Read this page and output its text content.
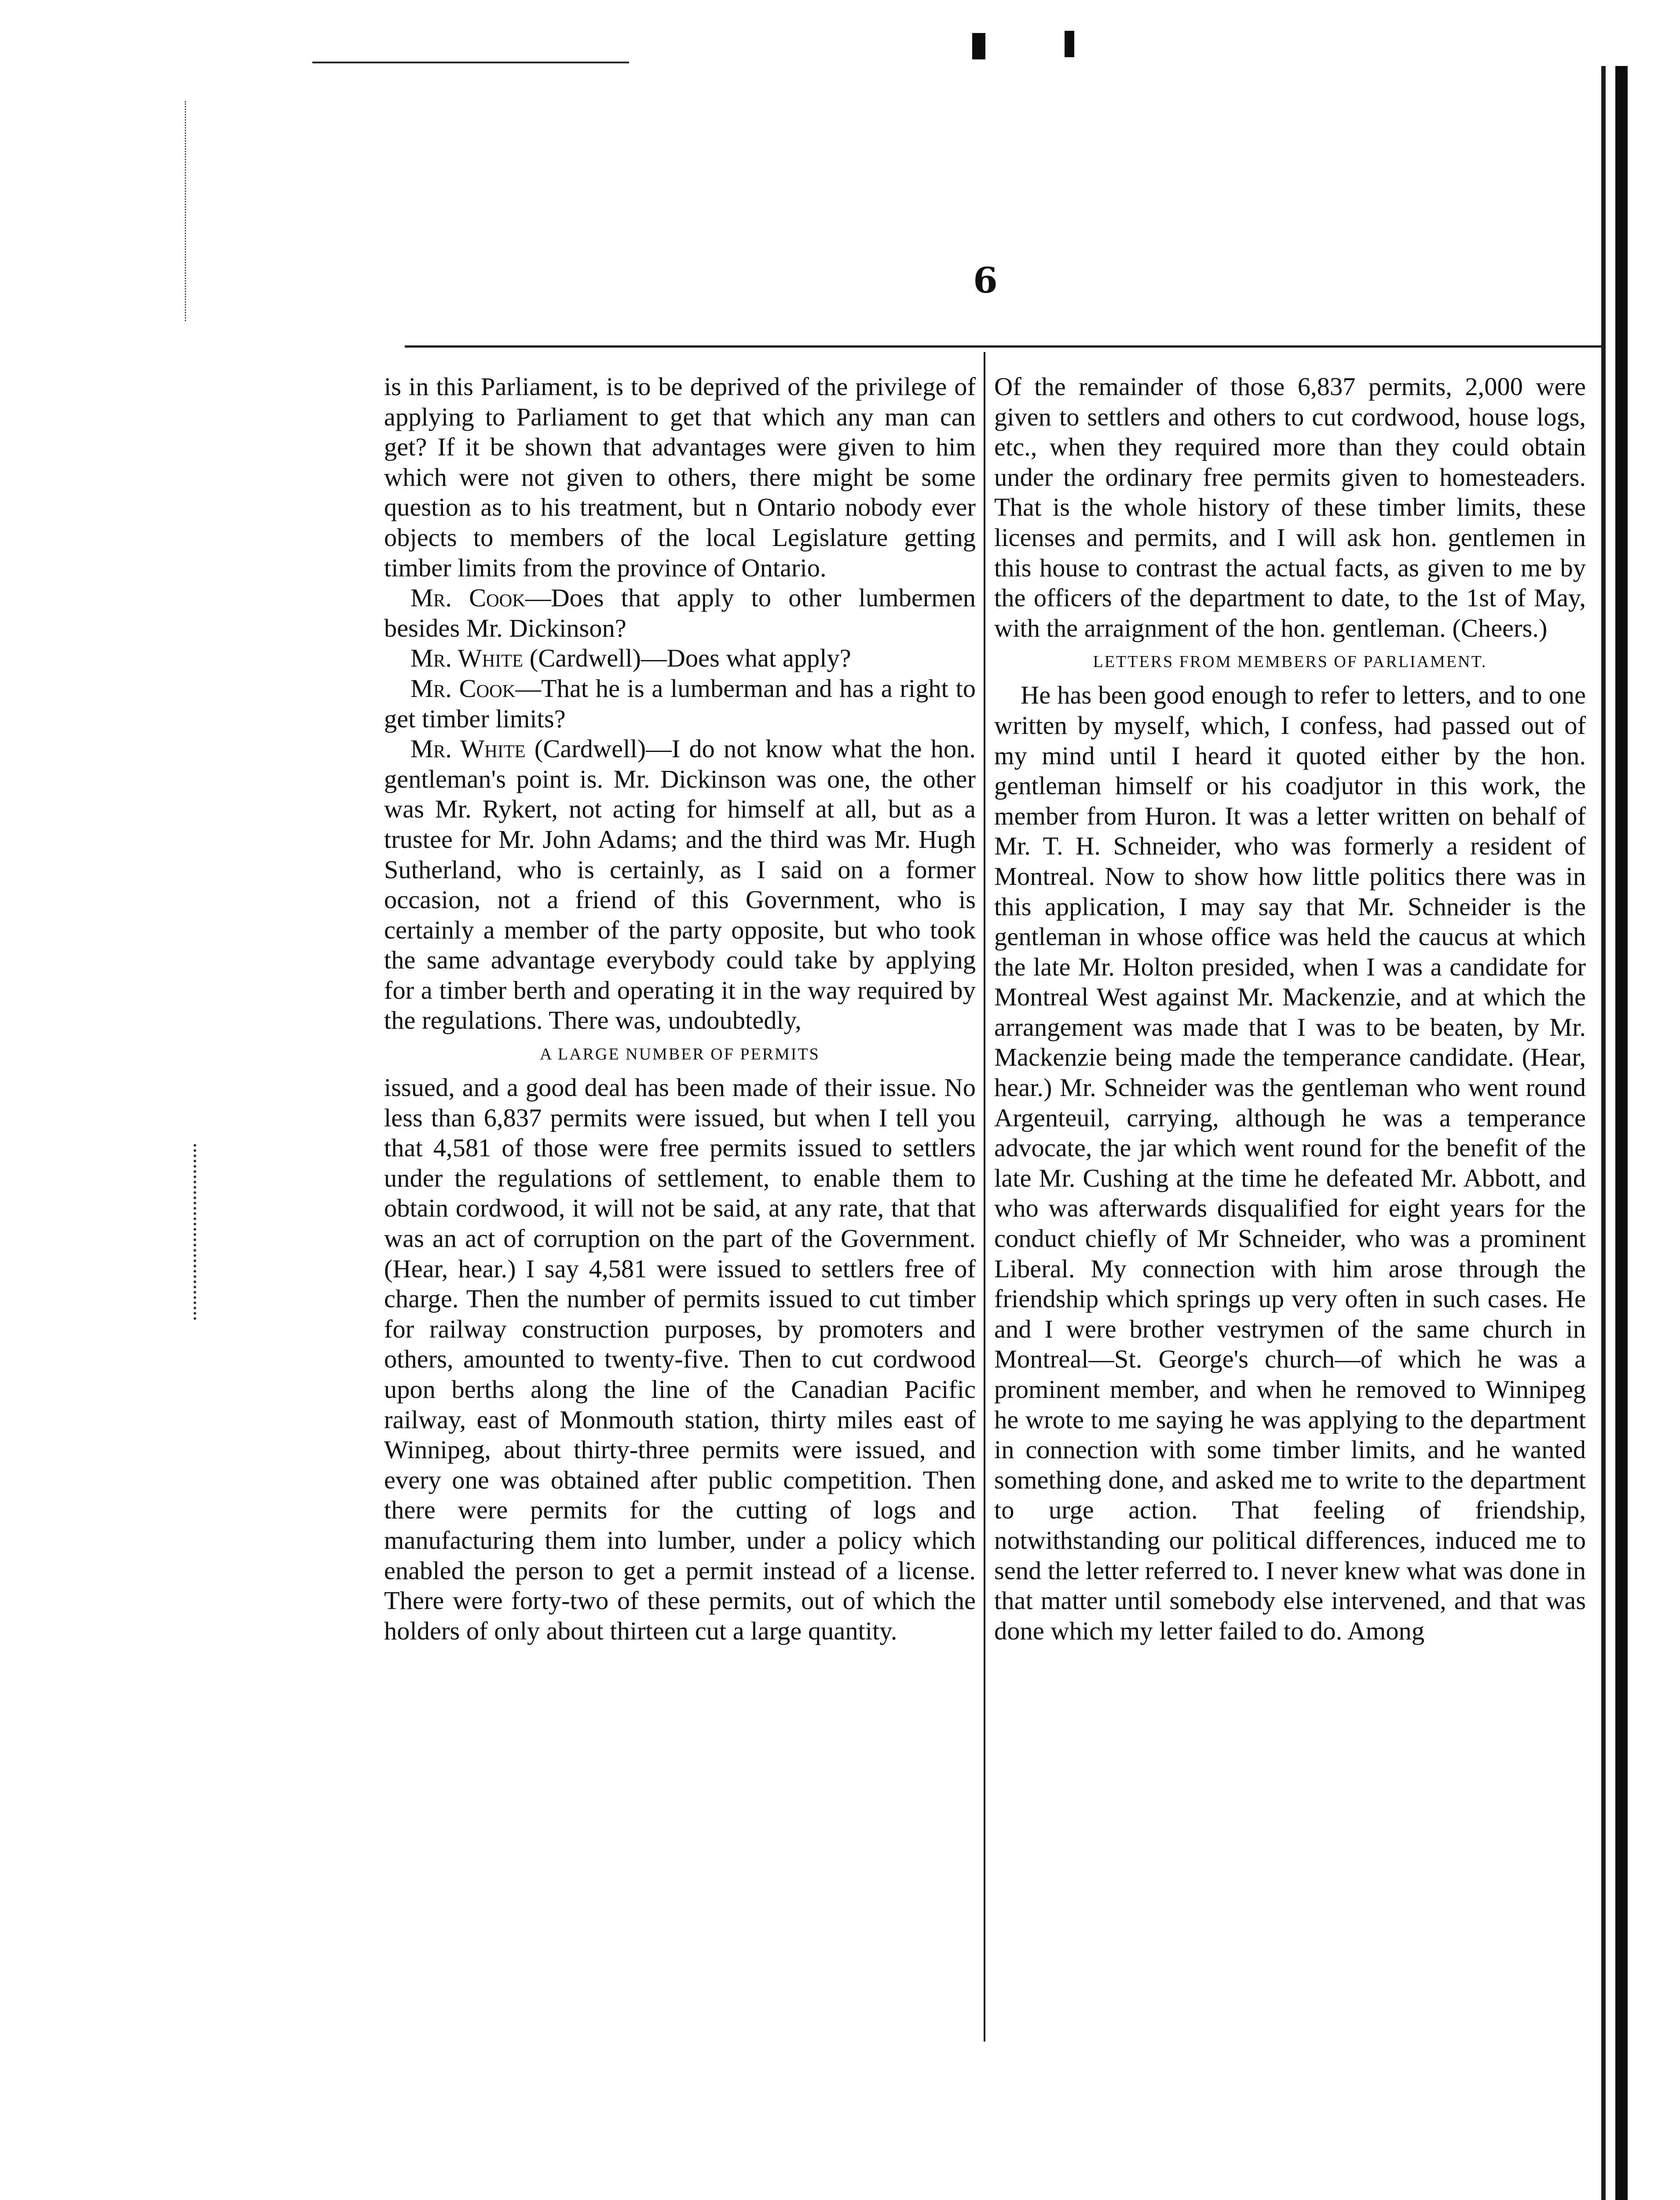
6

is in this Parliament, is to be deprived of the privilege of applying to Parliament to get that which any man can get? If it be shown that advantages were given to him which were not given to others, there might be some question as to his treatment, but n Ontario nobody ever objects to members of the local Legislature getting timber limits from the province of Ontario.

Mr. Cook—Does that apply to other lumbermen besides Mr. Dickinson?

Mr. White (Cardwell)—Does what apply?

Mr. Cook—That he is a lumberman and has a right to get timber limits?

Mr. White (Cardwell)—I do not know what the hon. gentleman's point is. Mr. Dickinson was one, the other was Mr. Rykert, not acting for himself at all, but as a trustee for Mr. John Adams; and the third was Mr. Hugh Sutherland, who is certainly, as I said on a former occasion, not a friend of this Government, who is certainly a member of the party opposite, but who took the same advantage everybody could take by applying for a timber berth and operating it in the way required by the regulations. There was, undoubtedly,

A LARGE NUMBER OF PERMITS

issued, and a good deal has been made of their issue. No less than 6,837 permits were issued, but when I tell you that 4,581 of those were free permits issued to settlers under the regulations of settlement, to enable them to obtain cordwood, it will not be said, at any rate, that that was an act of corruption on the part of the Government. (Hear, hear.) I say 4,581 were issued to settlers free of charge. Then the number of permits issued to cut timber for railway construction purposes, by promoters and others, amounted to twenty-five. Then to cut cordwood upon berths along the line of the Canadian Pacific railway, east of Monmouth station, thirty miles east of Winnipeg, about thirty-three permits were issued, and every one was obtained after public competition. Then there were permits for the cutting of logs and manufacturing them into lumber, under a policy which enabled the person to get a permit instead of a license. There were forty-two of these permits, out of which the holders of only about thirteen cut a large quantity.

Of the remainder of those 6,837 permits, 2,000 were given to settlers and others to cut cordwood, house logs, etc., when they required more than they could obtain under the ordinary free permits given to homesteaders. That is the whole history of these timber limits, these licenses and permits, and I will ask hon. gentlemen in this house to contrast the actual facts, as given to me by the officers of the department to date, to the 1st of May, with the arraignment of the hon. gentleman. (Cheers.)

LETTERS FROM MEMBERS OF PARLIAMENT.

He has been good enough to refer to letters, and to one written by myself, which, I confess, had passed out of my mind until I heard it quoted either by the hon. gentleman himself or his coadjutor in this work, the member from Huron. It was a letter written on behalf of Mr. T. H. Schneider, who was formerly a resident of Montreal. Now to show how little politics there was in this application, I may say that Mr. Schneider is the gentleman in whose office was held the caucus at which the late Mr. Holton presided, when I was a candidate for Montreal West against Mr. Mackenzie, and at which the arrangement was made that I was to be beaten, by Mr. Mackenzie being made the temperance candidate. (Hear, hear.) Mr. Schneider was the gentleman who went round Argenteuil, carrying, although he was a temperance advocate, the jar which went round for the benefit of the late Mr. Cushing at the time he defeated Mr. Abbott, and who was afterwards disqualified for eight years for the conduct chiefly of Mr Schneider, who was a prominent Liberal. My connection with him arose through the friendship which springs up very often in such cases. He and I were brother vestrymen of the same church in Montreal—St. George's church—of which he was a prominent member, and when he removed to Winnipeg he wrote to me saying he was applying to the department in connection with some timber limits, and he wanted something done, and asked me to write to the department to urge action. That feeling of friendship, notwithstanding our political differences, induced me to send the letter referred to. I never knew what was done in that matter until somebody else intervened, and that was done which my letter failed to do. Among
